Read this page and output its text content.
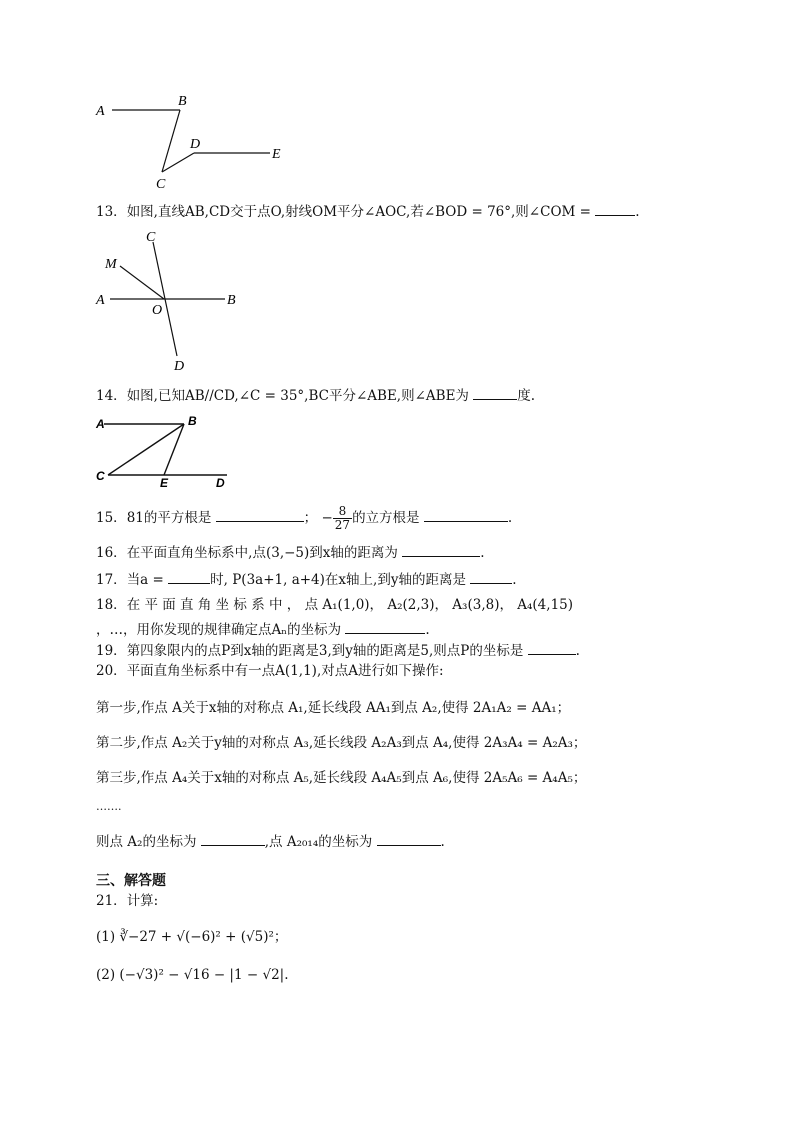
A
B
C
D
E
13．如图,直线AB,CD交于点O,射线OM平分∠AOC,若∠BOD = 76°,则∠COM =	.
C
M
A
O
B
D
14．如图,已知AB//CD,∠C = 35°,BC平分∠ABE,则∠ABE为	度.
A	B
C	E	D
15．81的平方根是	； − $\frac{8}{27}$ 的立方根是	.
16．在平面直角坐标系中,点(3,−5)到x轴的距离为	.
17．当a =	时, P(3a+1, a+4)在x轴上,到y轴的距离是	.
18．在 平 面 直 角 坐 标 系 中 ， 点 A₁(1,0)， A₂(2,3)， A₃(3,8)， A₄(4,15)
，…，用你发现的规律确定点Aₙ的坐标为	.
19．第四象限内的点P到x轴的距离是3,到y轴的距离是5,则点P的坐标是	.
20．平面直角坐标系中有一点A(1,1),对点A进行如下操作:
第一步,作点 A关于x轴的对称点 A₁,延长线段 AA₁到点 A₂,使得 2A₁A₂ = AA₁；
第二步,作点 A₂关于y轴的对称点 A₃,延长线段 A₂A₃到点 A₄,使得 2A₃A₄ = A₂A₃；
第三步,作点 A₄关于x轴的对称点 A₅,延长线段 A₄A₅到点 A₆,使得 2A₅A₆ = A₄A₅；
…….
则点 A₂的坐标为	,点 A₂₀₁₄的坐标为	.
三、解答题
21．计算:
(1) ∛−27 + √(−6)² + (√5)²；
(2) (−√3)² − √16 − |1 − √2|.
